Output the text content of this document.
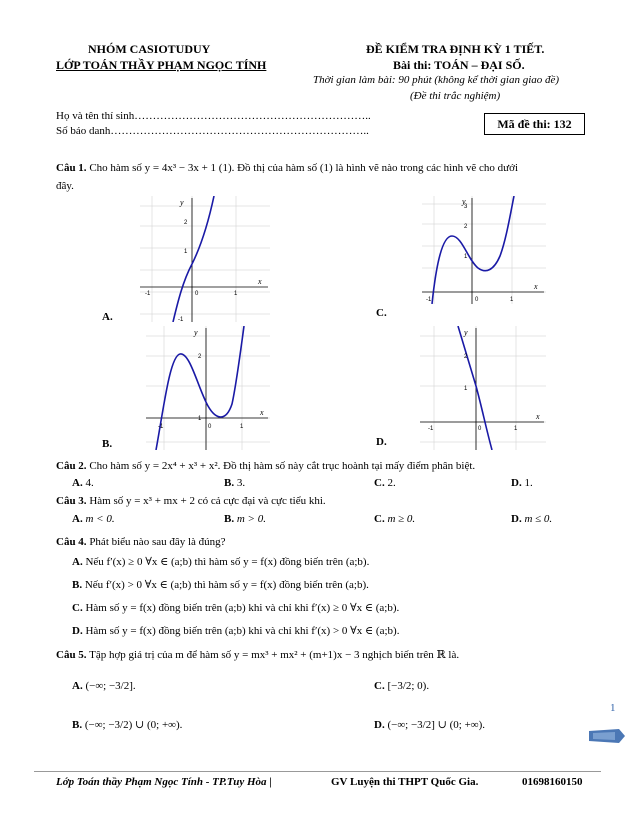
NHÓM CASIOTUDUY
LỚP TOÁN THẦY PHẠM NGỌC TÍNH
ĐỀ KIỂM TRA ĐỊNH KỲ 1 TIẾT.
Bài thi: TOÁN – ĐẠI SỐ.
Thời gian làm bài: 90 phút (không kể thời gian giao đề)
(Đề thi trắc nghiệm)
Họ và tên thí sinh………………………………………………………..
Số báo danh……………………………………………………………..	Mã đề thi: 132
Câu 1. Cho hàm số y = 4x³ − 3x + 1 (1). Đồ thị của hàm số (1) là hình vẽ nào trong các hình vẽ cho dưới
đây.
y
x
2
1
-1	0	1
-1
A.
y
x
3
2
1
-1	0	1
C.
y
x
2
1
-1	0	1
B.
y
x
2
1
-1	0	1
D.
Câu 2. Cho hàm số y = 2x⁴ + x³ + x². Đồ thị hàm số này cắt trục hoành tại mấy điểm phân biệt.
A. 4.	B. 3.	C. 2.	D. 1.
Câu 3. Hàm số y = x³ + mx + 2 có cả cực đại và cực tiểu khi.
A. m < 0.	B. m > 0.	C. m ≥ 0.	D. m ≤ 0.
Câu 4. Phát biểu nào sau đây là đúng?
A. Nếu f′(x) ≥ 0 ∀x ∈ (a;b) thì hàm số y = f(x) đồng biến trên (a;b).
B. Nếu f′(x) > 0 ∀x ∈ (a;b) thì hàm số y = f(x) đồng biến trên (a;b).
C. Hàm số y = f(x) đồng biến trên (a;b) khi và chỉ khi f′(x) ≥ 0 ∀x ∈ (a;b).
D. Hàm số y = f(x) đồng biến trên (a;b) khi và chỉ khi f′(x) > 0 ∀x ∈ (a;b).
Câu 5. Tập hợp giá trị của m để hàm số y = mx³ + mx² + (m+1)x − 3 nghịch biến trên ℝ là.
A. (−∞; −3/2].	C. [−3/2; 0).
B. (−∞; −3/2) ∪ (0; +∞).	D. (−∞; −3/2] ∪ (0; +∞).
1
Lớp Toán thầy Phạm Ngọc Tính - TP.Tuy Hòa |	GV Luyện thi THPT Quốc Gia.	01698160150
